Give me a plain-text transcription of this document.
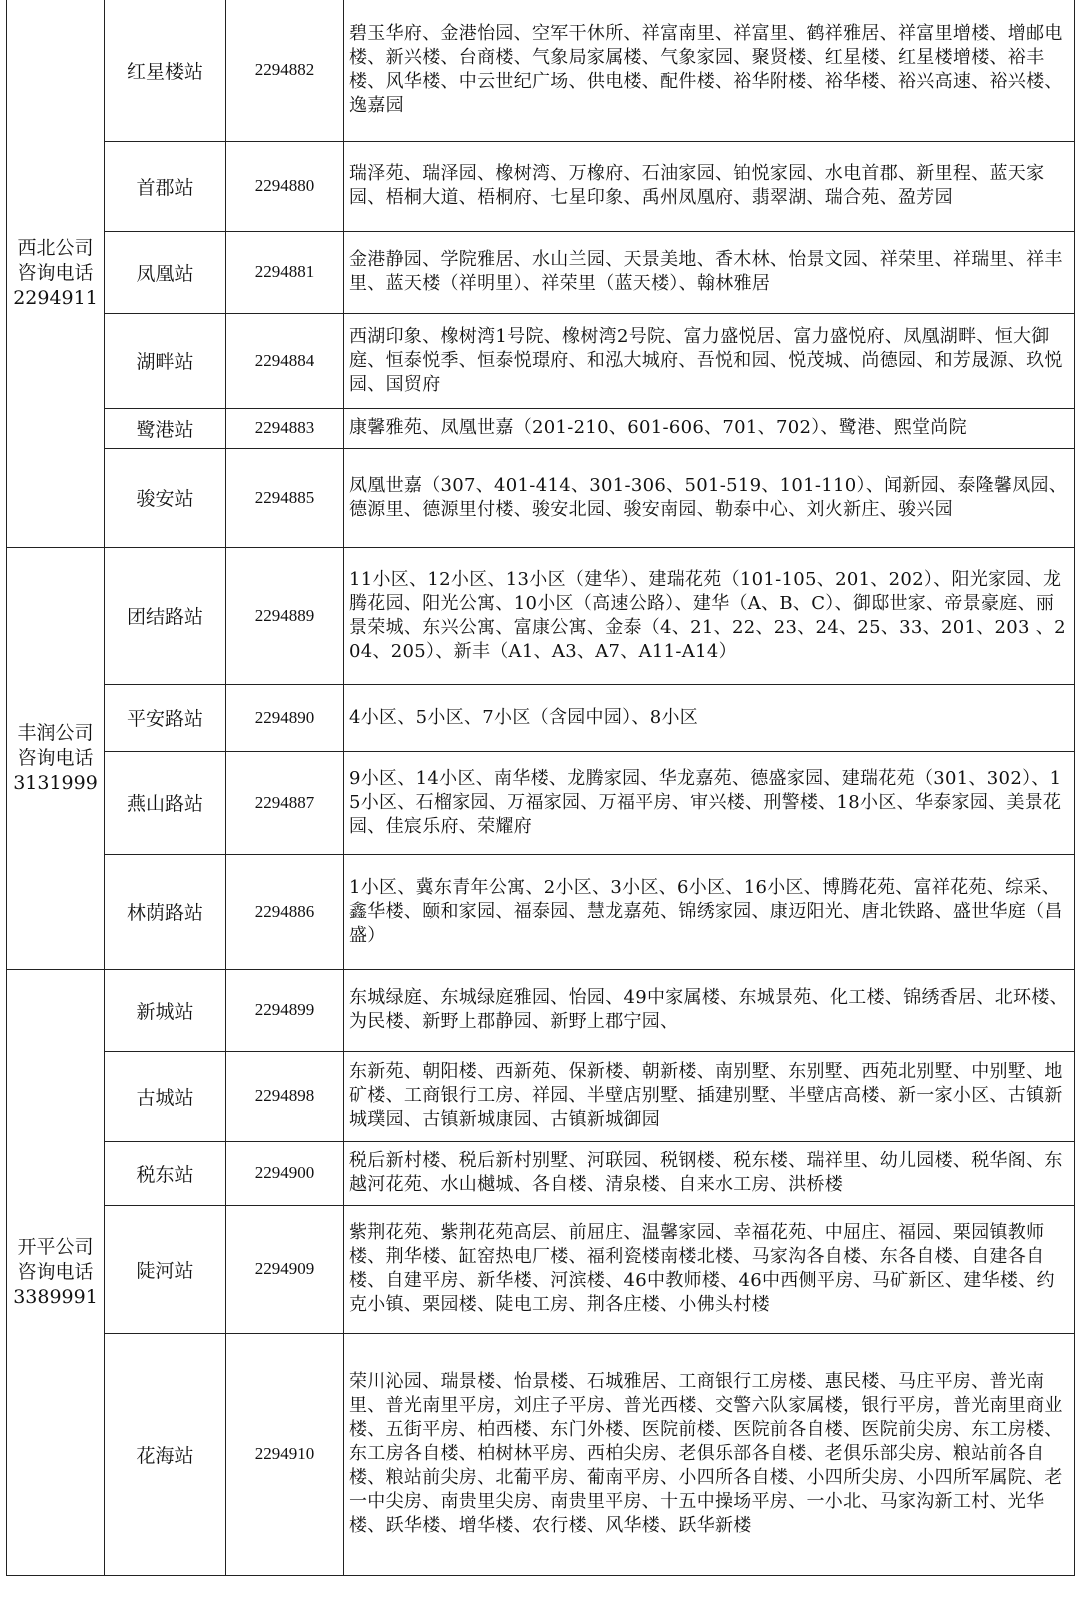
西北公司
咨询电话
2294911	红星楼站	2294882	碧玉华府、金港怡园、空军干休所、祥富南里、祥富里、鹤祥雅居、祥富里增楼、增邮电楼、新兴楼、台商楼、气象局家属楼、气象家园、聚贤楼、红星楼、红星楼增楼、裕丰楼、风华楼、中云世纪广场、供电楼、配件楼、裕华附楼、裕华楼、裕兴高速、裕兴楼、逸嘉园
	首郡站	2294880	瑞泽苑、瑞泽园、橡树湾、万橡府、石油家园、铂悦家园、水电首郡、新里程、蓝天家园、梧桐大道、梧桐府、七星印象、禹州凤凰府、翡翠湖、瑞合苑、盈芳园
	凤凰站	2294881	金港静园、学院雅居、水山兰园、天景美地、香木林、怡景文园、祥荣里、祥瑞里、祥丰里、蓝天楼（祥明里）、祥荣里（蓝天楼）、翰林雅居
	湖畔站	2294884	西湖印象、橡树湾1号院、橡树湾2号院、富力盛悦居、富力盛悦府、凤凰湖畔、恒大御庭、恒泰悦季、恒泰悦璟府、和泓大城府、吾悦和园、悦茂城、尚德园、和芳晟源、玖悦园、国贸府
	鹭港站	2294883	康馨雅苑、凤凰世嘉（201-210、601-606、701、702）、鹭港、熙堂尚院
	骏安站	2294885	凤凰世嘉（307、401-414、301-306、501-519、101-110）、闻新园、泰隆馨凤园、德源里、德源里付楼、骏安北园、骏安南园、勒泰中心、刘火新庄、骏兴园

丰润公司
咨询电话
3131999	团结路站	2294889	11小区、12小区、13小区（建华）、建瑞花苑（101-105、201、202）、阳光家园、龙腾花园、阳光公寓、10小区（高速公路）、建华（A、B、C）、御邸世家、帝景豪庭、丽景荣城、东兴公寓、富康公寓、金泰（4、21、22、23、24、25、33、201、203 、204、205）、新丰（A1、A3、A7、A11-A14）
	平安路站	2294890	4小区、5小区、7小区（含园中园）、8小区
	燕山路站	2294887	9小区、14小区、南华楼、龙腾家园、华龙嘉苑、德盛家园、建瑞花苑（301、302）、15小区、石榴家园、万福家园、万福平房、审兴楼、刑警楼、18小区、华泰家园、美景花园、佳宸乐府、荣耀府
	林荫路站	2294886	1小区、冀东青年公寓、2小区、3小区、6小区、16小区、博腾花苑、富祥花苑、综采、鑫华楼、颐和家园、福泰园、慧龙嘉苑、锦绣家园、康迈阳光、唐北铁路、盛世华庭（昌盛）

开平公司
咨询电话
3389991	新城站	2294899	东城绿庭、东城绿庭雅园、怡园、49中家属楼、东城景苑、化工楼、锦绣香居、北环楼、为民楼、新野上郡静园、新野上郡宁园、
	古城站	2294898	东新苑、朝阳楼、西新苑、保新楼、朝新楼、南别墅、东别墅、西苑北别墅、中别墅、地矿楼、工商银行工房、祥园、半壁店别墅、插建别墅、半壁店高楼、新一家小区、古镇新城璞园、古镇新城康园、古镇新城御园
	税东站	2294900	税后新村楼、税后新村别墅、河联园、税钢楼、税东楼、瑞祥里、幼儿园楼、税华阁、东越河花苑、水山樾城、各自楼、清泉楼、自来水工房、洪桥楼
	陡河站	2294909	紫荆花苑、紫荆花苑高层、前屈庄、温馨家园、幸福花苑、中屈庄、福园、栗园镇教师楼、荆华楼、缸窑热电厂楼、福利瓷楼南楼北楼、马家沟各自楼、东各自楼、自建各自楼、自建平房、新华楼、河滨楼、46中教师楼、46中西侧平房、马矿新区、建华楼、约克小镇、栗园楼、陡电工房、荆各庄楼、小佛头村楼
	花海站	2294910	荣川沁园、瑞景楼、怡景楼、石城雅居、工商银行工房楼、惠民楼、马庄平房、普光南里、普光南里平房，刘庄子平房、普光西楼、交警六队家属楼，银行平房，普光南里商业楼、五街平房、柏西楼、东门外楼、医院前楼、医院前各自楼、医院前尖房、东工房楼、东工房各自楼、柏树林平房、西柏尖房、老俱乐部各自楼、老俱乐部尖房、粮站前各自楼、粮站前尖房、北葡平房、葡南平房、小四所各自楼、小四所尖房、小四所军属院、老一中尖房、南贵里尖房、南贵里平房、十五中操场平房、一小北、马家沟新工村、光华楼、跃华楼、增华楼、农行楼、风华楼、跃华新楼
